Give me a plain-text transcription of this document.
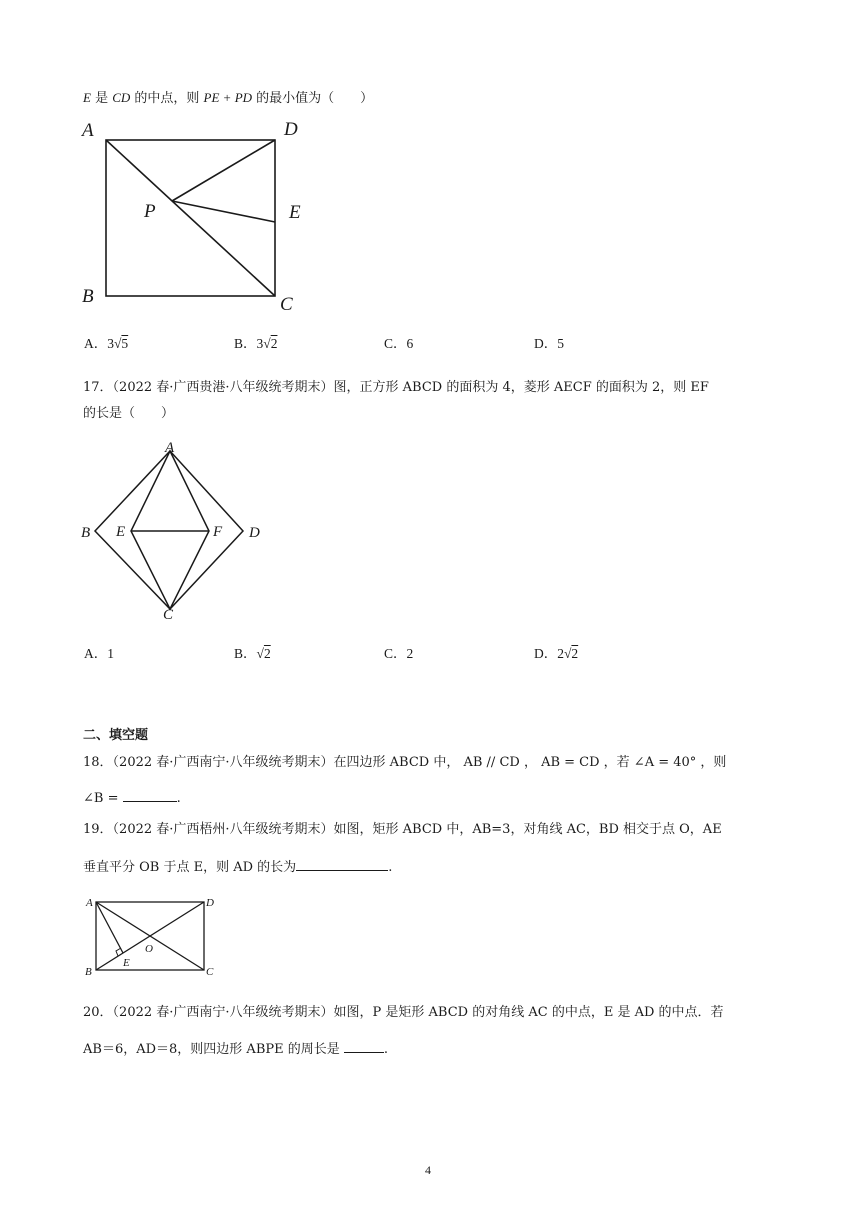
E 是 CD 的中点，则 PE + PD 的最小值为（　　）
A	D
P	E
B	C
A．3√5	B．3√2	C．6	D．5
17．（2022 春·广西贵港·八年级统考期末）图，正方形 ABCD 的面积为 4，菱形 AECF 的面积为 2，则 EF
的长是（　　）
A
B E	F D
C
A．1	B．√2	C．2	D．2√2
二、填空题
18．（2022 春·广西南宁·八年级统考期末）在四边形 ABCD 中， AB // CD ， AB = CD ，若 ∠A = 40° ，则
∠B =	.
19．（2022 春·广西梧州·八年级统考期末）如图，矩形 ABCD 中，AB=3，对角线 AC，BD 相交于点 O，AE
垂直平分 OB 于点 E，则 AD 的长为	.
A	D
O
E
B	C
20．（2022 春·广西南宁·八年级统考期末）如图，P 是矩形 ABCD 的对角线 AC 的中点，E 是 AD 的中点．若
AB＝6，AD＝8，则四边形 ABPE 的周长是	.
4
